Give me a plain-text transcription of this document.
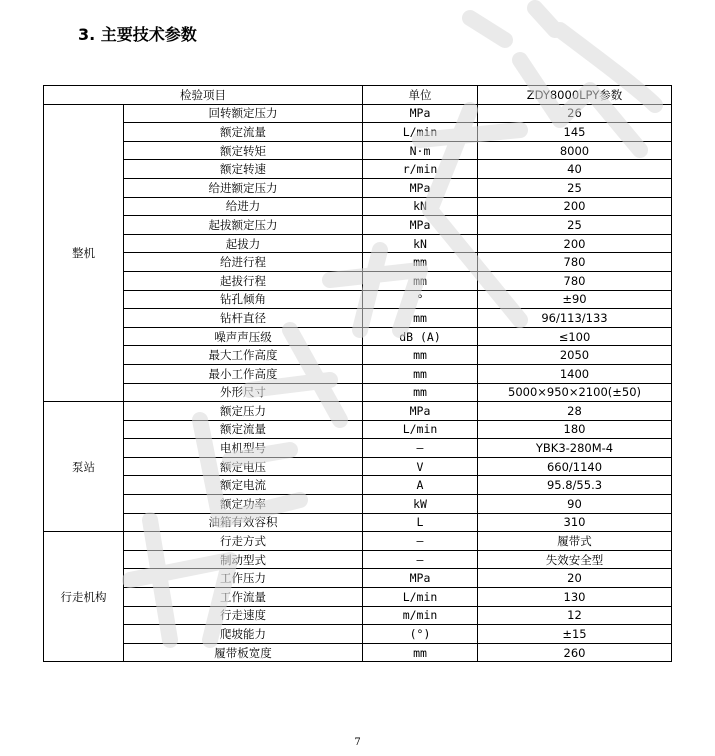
3. 主要技术参数
检验项目		单位	ZDY8000LPY参数
整机	回转额定压力	MPa	26
	额定流量	L/min	145
	额定转矩	N·m	8000
	额定转速	r/min	40
	给进额定压力	MPa	25
	给进力	kN	200
	起拔额定压力	MPa	25
	起拔力	kN	200
	给进行程	mm	780
	起拔行程	mm	780
	钻孔倾角	°	±90
	钻杆直径	mm	96/113/133
	噪声声压级	dB (A)	≤100
	最大工作高度	mm	2050
	最小工作高度	mm	1400
	外形尺寸	mm	5000×950×2100(±50)
泵站	额定压力	MPa	28
	额定流量	L/min	180
	电机型号	—	YBK3-280M-4
	额定电压	V	660/1140
	额定电流	A	95.8/55.3
	额定功率	kW	90
	油箱有效容积	L	310
行走机构	行走方式	—	履带式
	制动型式	—	失效安全型
	工作压力	MPa	20
	工作流量	L/min	130
	行走速度	m/min	12
	爬坡能力	(°)	±15
	履带板宽度	mm	260
7
